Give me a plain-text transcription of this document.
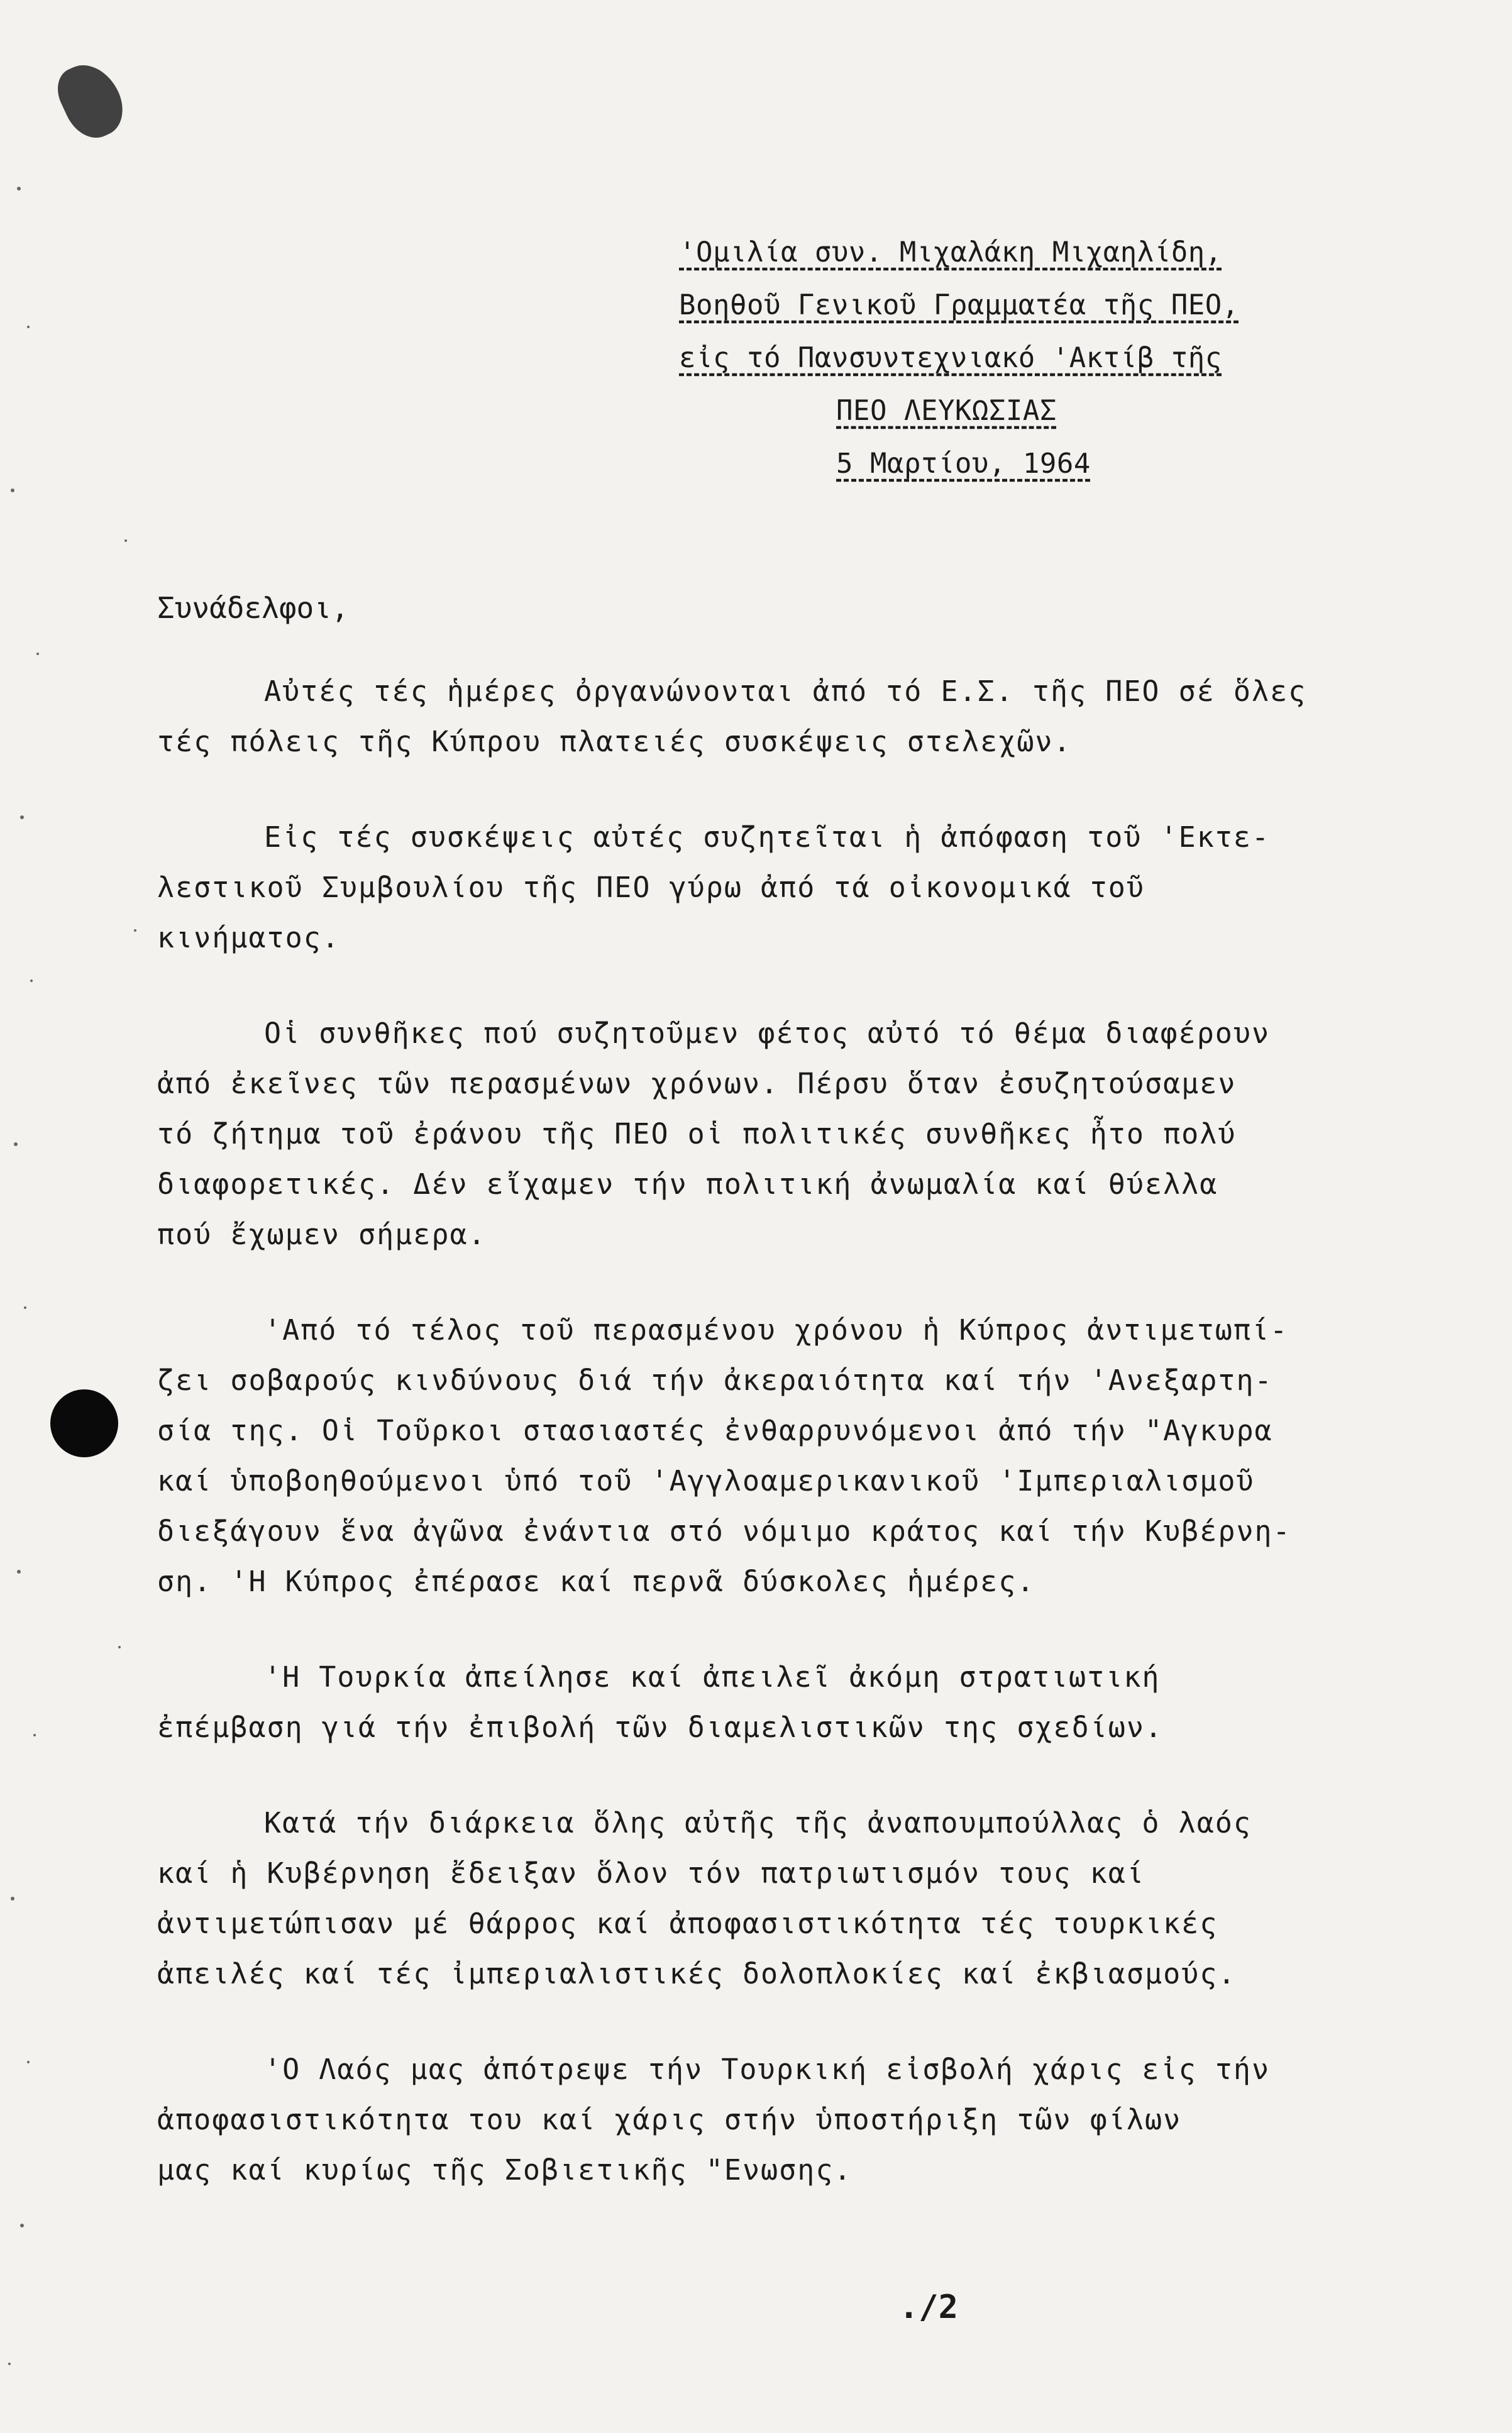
'Ομιλία συν. Μιχαλάκη Μιχαηλίδη,
Βοηθοῦ Γενικοῦ Γραμματέα τῆς ΠΕΟ,
εἰς τό Πανσυντεχνιακό 'Ακτίβ τῆς
ΠΕΟ ΛΕΥΚΩΣΙΑΣ
5 Μαρτίου, 1964
Συνάδελφοι,

Αὐτές τές ἡμέρες ὀργανώνονται ἀπό τό Ε.Σ. τῆς ΠΕΟ σέ ὅλες
τές πόλεις τῆς Κύπρου πλατειές συσκέψεις στελεχῶν.

Εἰς τές συσκέψεις αὐτές συζητεῖται ἡ ἀπόφαση τοῦ 'Εκτε-
λεστικοῦ Συμβουλίου τῆς ΠΕΟ γύρω ἀπό τά οἰκονομικά τοῦ
κινήματος.

Οἱ συνθῆκες πού συζητοῦμεν φέτος αὐτό τό θέμα διαφέρουν
ἀπό ἐκεῖνες τῶν περασμένων χρόνων. Πέρσυ ὅταν ἐσυζητούσαμεν
τό ζήτημα τοῦ ἐράνου τῆς ΠΕΟ οἱ πολιτικές συνθῆκες ἦτο πολύ
διαφορετικές. Δέν εἴχαμεν τήν πολιτική ἀνωμαλία καί θύελλα
πού ἔχωμεν σήμερα.

'Από τό τέλος τοῦ περασμένου χρόνου ἡ Κύπρος ἀντιμετωπί-
ζει σοβαρούς κινδύνους διά τήν ἀκεραιότητα καί τήν 'Ανεξαρτη-
σία της. Οἱ Τοῦρκοι στασιαστές ἐνθαρρυνόμενοι ἀπό τήν "Αγκυρα
καί ὑποβοηθούμενοι ὑπό τοῦ 'Αγγλοαμερικανικοῦ 'Ιμπεριαλισμοῦ
διεξάγουν ἕνα ἀγῶνα ἐνάντια στό νόμιμο κράτος καί τήν Κυβέρνη-
ση. 'Η Κύπρος ἐπέρασε καί περνᾶ δύσκολες ἡμέρες.

'Η Τουρκία ἀπείλησε καί ἀπειλεῖ ἀκόμη στρατιωτική
ἐπέμβαση γιά τήν ἐπιβολή τῶν διαμελιστικῶν της σχεδίων.

Κατά τήν διάρκεια ὅλης αὐτῆς τῆς ἀναπουμπούλλας ὁ λαός
καί ἡ Κυβέρνηση ἔδειξαν ὅλον τόν πατριωτισμόν τους καί
ἀντιμετώπισαν μέ θάρρος καί ἀποφασιστικότητα τές τουρκικές
ἀπειλές καί τές ἰμπεριαλιστικές δολοπλοκίες καί ἐκβιασμούς.

'Ο Λαός μας ἀπότρεψε τήν Τουρκική εἰσβολή χάρις εἰς τήν
ἀποφασιστικότητα του καί χάρις στήν ὑποστήριξη τῶν φίλων
μας καί κυρίως τῆς Σοβιετικῆς "Ενωσης.

./2
